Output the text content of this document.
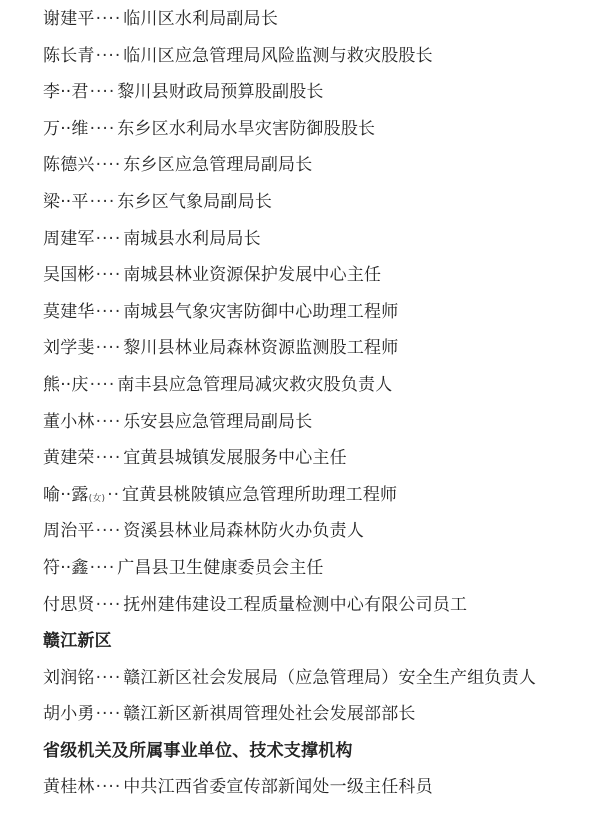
谢建平···· 临川区水利局副局长
陈长青···· 临川区应急管理局风险监测与救灾股股长
李··君···· 黎川县财政局预算股副股长
万··维···· 东乡区水利局水旱灾害防御股股长
陈德兴···· 东乡区应急管理局副局长
梁··平···· 东乡区气象局副局长
周建军···· 南城县水利局局长
吴国彬···· 南城县林业资源保护发展中心主任
莫建华···· 南城县气象灾害防御中心助理工程师
刘学斐···· 黎川县林业局森林资源监测股工程师
熊··庆···· 南丰县应急管理局减灾救灾股负责人
董小林···· 乐安县应急管理局副局长
黄建荣···· 宜黄县城镇发展服务中心主任
喻··露(女) ·· 宜黄县桃陂镇应急管理所助理工程师
周治平···· 资溪县林业局森林防火办负责人
符··鑫···· 广昌县卫生健康委员会主任
付思贤···· 抚州建伟建设工程质量检测中心有限公司员工
赣江新区
刘润铭···· 赣江新区社会发展局（应急管理局）安全生产组负责人
胡小勇···· 赣江新区新祺周管理处社会发展部部长
省级机关及所属事业单位、技术支撑机构
黄桂林···· 中共江西省委宣传部新闻处一级主任科员
